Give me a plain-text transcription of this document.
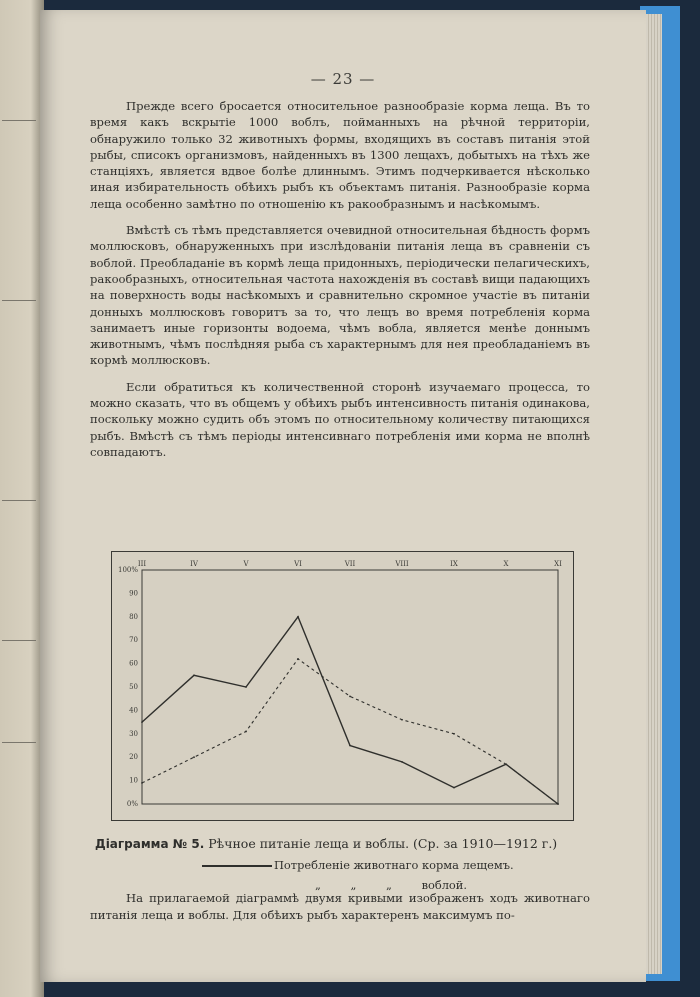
— 23 —

Прежде всего бросается относительное разнообразіе корма леща. Въ то время какъ вскрытіе 1000 воблъ, пойманныхъ на рѣчной территоріи, обнаружило только 32 животныхъ формы, входящихъ въ составъ питанія этой рыбы, списокъ организмовъ, найденныхъ въ 1300 лещахъ, добытыхъ на тѣхъ же станціяхъ, является вдвое болѣе длиннымъ. Этимъ подчеркивается нѣсколько иная избирательность обѣихъ рыбъ къ объектамъ питанія. Разнообразіе корма леща особенно замѣтно по отношенію къ ракообразнымъ и насѣкомымъ.

Вмѣстѣ съ тѣмъ представляется очевидной относительная бѣдность формъ моллюсковъ, обнаруженныхъ при изслѣдованіи питанія леща въ сравненіи съ воблой. Преобладаніе въ кормѣ леща придонныхъ, періодически пелагическихъ, ракообразныхъ, относительная частота нахожденія въ составѣ вищи падающихъ на поверхность воды насѣкомыхъ и сравнительно скромное участіе въ питаніи донныхъ моллюсковъ говоритъ за то, что лещъ во время потребленія корма занимаетъ иные горизонты водоема, чѣмъ вобла, является менѣе доннымъ животнымъ, чѣмъ послѣдняя рыба съ характернымъ для нея преобладаніемъ въ кормѣ моллюсковъ.

Если обратиться къ количественной сторонѣ изучаемаго процесса, то можно сказать, что въ общемъ у обѣихъ рыбъ интенсивность питанія одинакова, поскольку можно судить объ этомъ по относительному количеству питающихся рыбъ. Вмѣстѣ съ тѣмъ періоды интенсивнаго потребленія ими корма не вполнѣ совпадаютъ.

0%
10
20
30
40
50
60
70
80
90
100%
III	IV	V	VI	VII	VIII	IX	X	XI
Діаграмма № 5. Рѣчное питаніе леща и воблы. (Ср. за 1910—1912 г.)
Потребленіе животнаго корма лещемъ.
„ „ „ воблой.

На прилагаемой діаграммѣ двумя кривыми изображенъ ходъ животнаго питанія леща и воблы. Для обѣихъ рыбъ характеренъ максимумъ по-
